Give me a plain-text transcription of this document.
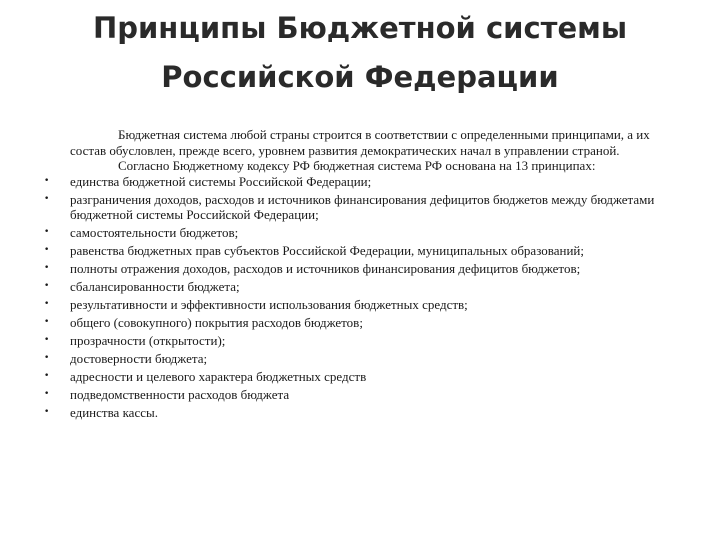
Принципы Бюджетной системы
Российской Федерации

Бюджетная система любой страны строится в соответствии с определенными принципами, а их состав обусловлен, прежде всего, уровнем развития демократических начал в управлении страной.

Согласно Бюджетному кодексу РФ бюджетная система РФ основана на 13 принципах:

•	единства бюджетной системы Российской Федерации;
•	разграничения доходов, расходов и источников финансирования дефицитов бюджетов между бюджетами бюджетной системы Российской Федерации;
•	самостоятельности бюджетов;
•	равенства бюджетных прав субъектов Российской Федерации, муниципальных образований;
•	полноты отражения доходов, расходов и источников финансирования дефицитов бюджетов;
•	сбалансированности бюджета;
•	результативности и эффективности использования бюджетных средств;
•	общего (совокупного) покрытия расходов бюджетов;
•	прозрачности (открытости);
•	достоверности бюджета;
•	адресности и целевого характера бюджетных средств
•	подведомственности расходов бюджета
•	единства кассы.
